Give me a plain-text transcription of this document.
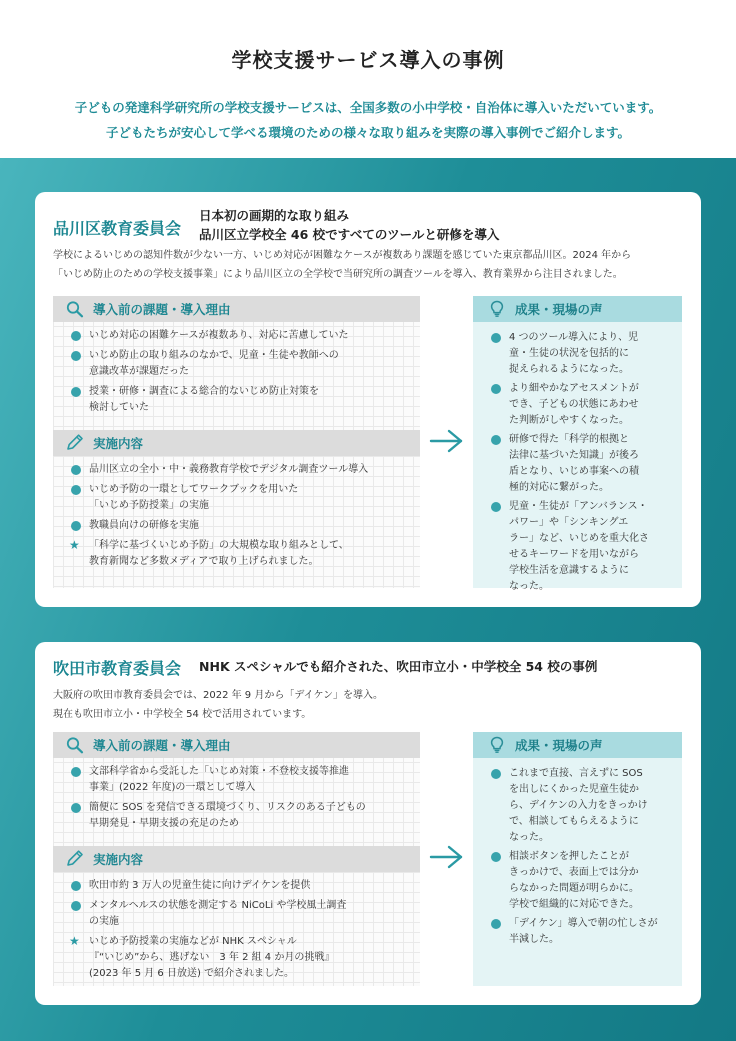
学校支援サービス導入の事例
子どもの発達科学研究所の学校支援サービスは、全国多数の小中学校・自治体に導入いただいています。
子どもたちが安心して学べる環境のための様々な取り組みを実際の導入事例でご紹介します。
品川区教育委員会
日本初の画期的な取り組み
品川区立学校全 46 校ですべてのツールと研修を導入
学校によるいじめの認知件数が少ない一方、いじめ対応が困難なケースが複数あり課題を感じていた東京都品川区。2024 年から
「いじめ防止のための学校支援事業」により品川区立の全学校で当研究所の調査ツールを導入、教育業界から注目されました。
導入前の課題・導入理由
いじめ対応の困難ケースが複数あり、対応に苦慮していた
いじめ防止の取り組みのなかで、児童・生徒や教師への
意識改革が課題だった
授業・研修・調査による総合的ないじめ防止対策を
検討していた
実施内容
品川区立の全小・中・義務教育学校でデジタル調査ツール導入
いじめ予防の一環としてワークブックを用いた
「いじめ予防授業」の実施
教職員向けの研修を実施
★ 「科学に基づくいじめ予防」の大規模な取り組みとして、
教育新聞など多数メディアで取り上げられました。
成果・現場の声
4 つのツール導入により、児
童・生徒の状況を包括的に
捉えられるようになった。
より細やかなアセスメントが
でき、子どもの状態にあわせ
た判断がしやすくなった。
研修で得た「科学的根拠と
法律に基づいた知識」が後ろ
盾となり、いじめ事案への積
極的対応に繋がった。
児童・生徒が「アンバランス・
パワー」や「シンキングエ
ラー」など、いじめを重大化さ
せるキーワードを用いながら
学校生活を意識するように
なった。
吹田市教育委員会 NHK スペシャルでも紹介された、吹田市立小・中学校全 54 校の事例
大阪府の吹田市教育委員会では、2022 年 9 月から「デイケン」を導入。
現在も吹田市立小・中学校全 54 校で活用されています。
導入前の課題・導入理由
文部科学省から受託した「いじめ対策・不登校支援等推進
事業」(2022 年度)の一環として導入
簡便に SOS を発信できる環境づくり、リスクのある子どもの
早期発見・早期支援の充足のため
実施内容
吹田市約 3 万人の児童生徒に向けデイケンを提供
メンタルヘルスの状態を測定する NiCoLi や学校風土調査
の実施
★ いじめ予防授業の実施などが NHK スペシャル
『“いじめ”から、逃げない　3 年 2 組 4 か月の挑戦』
(2023 年 5 月 6 日放送) で紹介されました。
成果・現場の声
これまで直接、言えずに SOS
を出しにくかった児童生徒か
ら、デイケンの入力をきっかけ
で、相談してもらえるように
なった。
相談ボタンを押したことが
きっかけで、表面上では分か
らなかった問題が明らかに。
学校で組織的に対応できた。
「デイケン」導入で朝の忙しさが
半減した。
